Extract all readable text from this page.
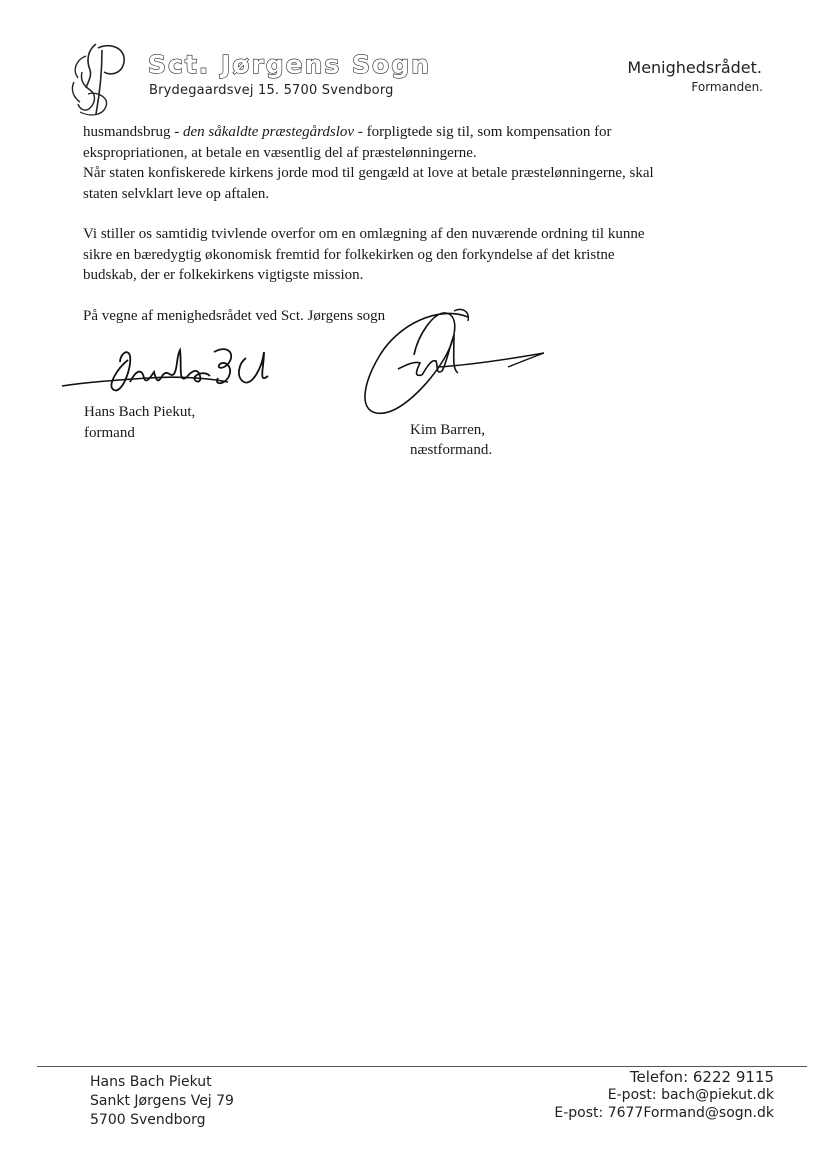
Sct. Jørgens Sogn
Brydegaardsvej 15. 5700 Svendborg
Menighedsrådet.
Formanden.

husmandsbrug - den såkaldte præstegårdslov - forpligtede sig til, som kompensation for

ekspropriationen, at betale en væsentlig del af præstelønningerne.

Når staten konfiskerede kirkens jorde mod til gengæld at love at betale præstelønningerne, skal

staten selvklart leve op aftalen.

Vi stiller os samtidig tvivlende overfor om en omlægning af den nuværende ordning til kunne

sikre en bæredygtig økonomisk fremtid for folkekirken og den forkyndelse af det kristne

budskab, der er folkekirkens vigtigste mission.

På vegne af menighedsrådet ved Sct. Jørgens sogn

Hans Bach Piekut,
formand	Kim Barren,
næstformand.
Hans Bach Piekut
Sankt Jørgens Vej 79
5700 Svendborg
Telefon: 6222 9115
E-post: bach@piekut.dk
E-post: 7677Formand@sogn.dk
